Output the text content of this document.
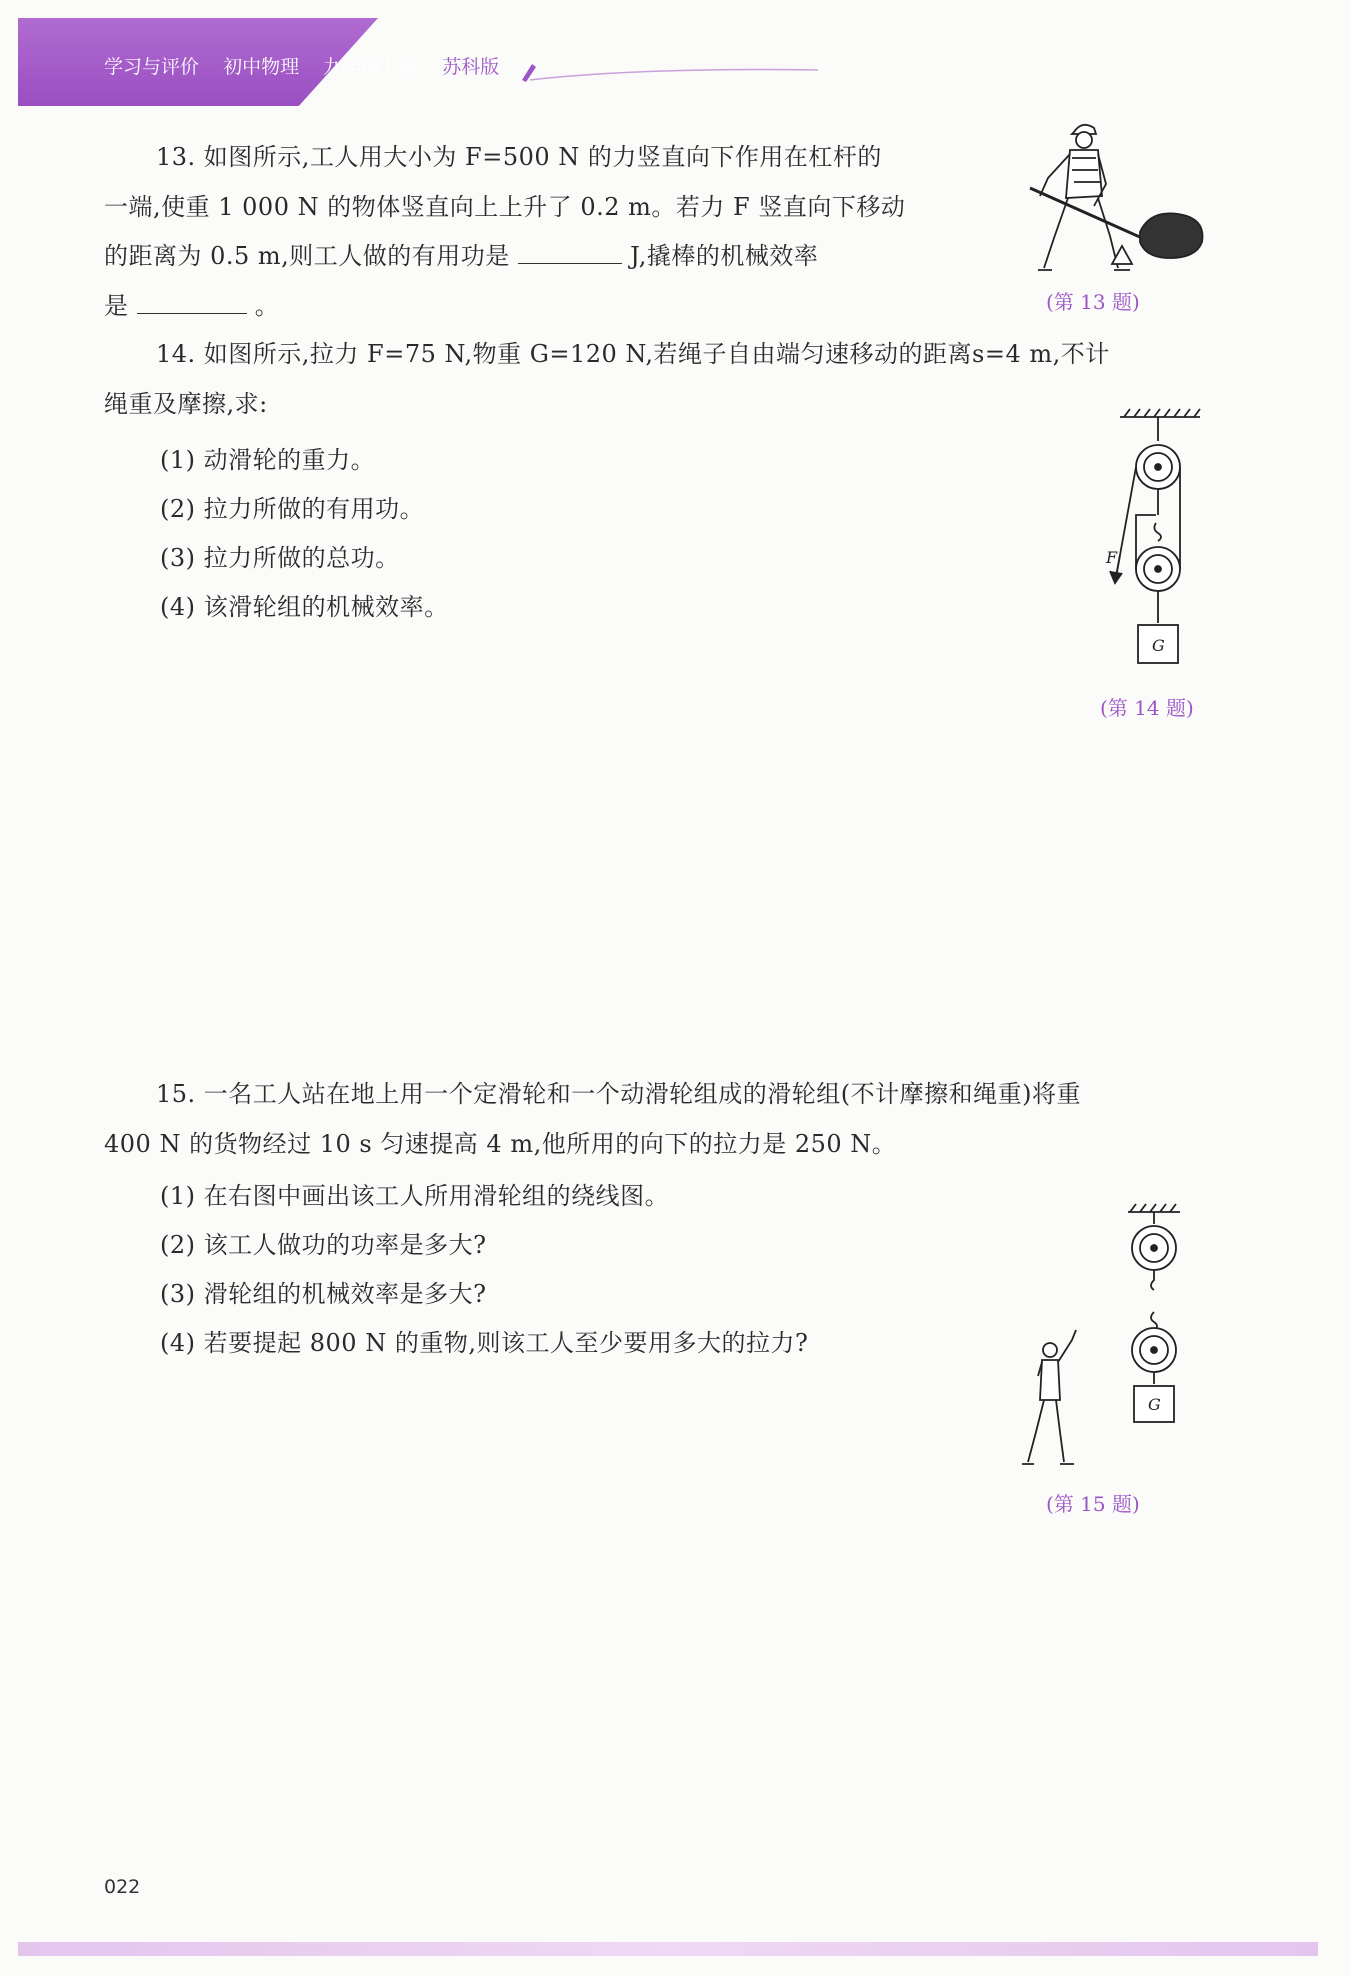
学习与评价 初中物理 九年级上册 苏科版
13. 如图所示,工人用大小为 F=500 N 的力竖直向下作用在杠杆的
一端,使重 1 000 N 的物体竖直向上上升了 0.2 m。若力 F 竖直向下移动
的距离为 0.5 m,则工人做的有用功是	J,撬棒的机械效率
是	。	(第 13 题)
14. 如图所示,拉力 F=75 N,物重 G=120 N,若绳子自由端匀速移动的距离s=4 m,不计
绳重及摩擦,求:
(1) 动滑轮的重力。
(2) 拉力所做的有用功。
(3) 拉力所做的总功。
(4) 该滑轮组的机械效率。
F
G
(第 14 题)
15. 一名工人站在地上用一个定滑轮和一个动滑轮组成的滑轮组(不计摩擦和绳重)将重
400 N 的货物经过 10 s 匀速提高 4 m,他所用的向下的拉力是 250 N。
(1) 在右图中画出该工人所用滑轮组的绕线图。
(2) 该工人做功的功率是多大?
(3) 滑轮组的机械效率是多大?
(4) 若要提起 800 N 的重物,则该工人至少要用多大的拉力?
G
(第 15 题)
022
